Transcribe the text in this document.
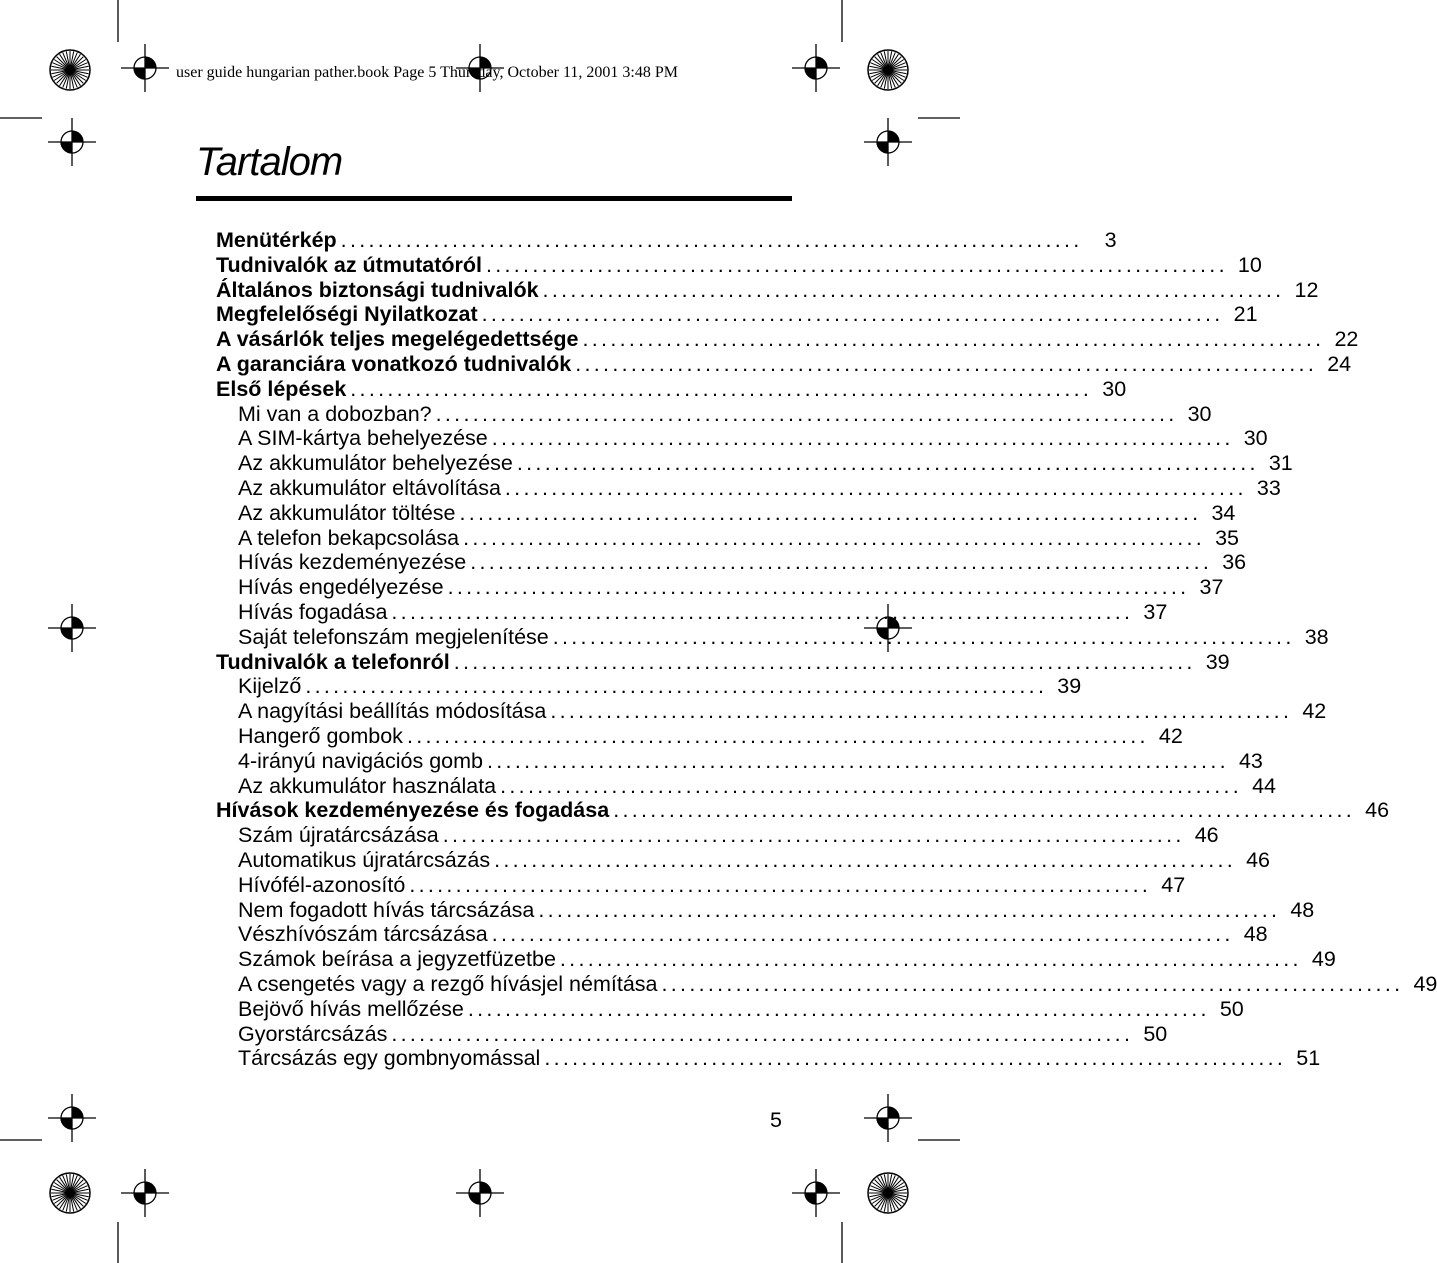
user guide hungarian pather.book Page 5 Thursday, October 11, 2001 3:48 PM
Tartalom
Menütérkép ................................................................................	3
Tudnivalók az útmutatóról ................................................................................ 10
Általános biztonsági tudnivalók ................................................................................ 12
Megfelelőségi Nyilatkozat ................................................................................ 21
A vásárlók teljes megelégedettsége ................................................................................ 22
A garanciára vonatkozó tudnivalók ................................................................................ 24
Első lépések ................................................................................ 30
Mi van a dobozban? ................................................................................ 30
A SIM-kártya behelyezése ................................................................................ 30
Az akkumulátor behelyezése ................................................................................ 31
Az akkumulátor eltávolítása ................................................................................ 33
Az akkumulátor töltése ................................................................................ 34
A telefon bekapcsolása ................................................................................ 35
Hívás kezdeményezése ................................................................................ 36
Hívás engedélyezése ................................................................................ 37
Hívás fogadása ................................................................................ 37
Saját telefonszám megjelenítése ................................................................................ 38
Tudnivalók a telefonról ................................................................................ 39
Kijelző ................................................................................ 39
A nagyítási beállítás módosítása ................................................................................ 42
Hangerő gombok ................................................................................ 42
4-irányú navigációs gomb ................................................................................ 43
Az akkumulátor használata ................................................................................ 44
Hívások kezdeményezése és fogadása ................................................................................ 46
Szám újratárcsázása ................................................................................ 46
Automatikus újratárcsázás ................................................................................ 46
Hívófél-azonosító ................................................................................ 47
Nem fogadott hívás tárcsázása ................................................................................ 48
Vészhívószám tárcsázása ................................................................................ 48
Számok beírása a jegyzetfüzetbe ................................................................................ 49
A csengetés vagy a rezgő hívásjel némítása ................................................................................ 49
Bejövő hívás mellőzése ................................................................................ 50
Gyorstárcsázás ................................................................................ 50
Tárcsázás egy gombnyomással ................................................................................ 51
5
